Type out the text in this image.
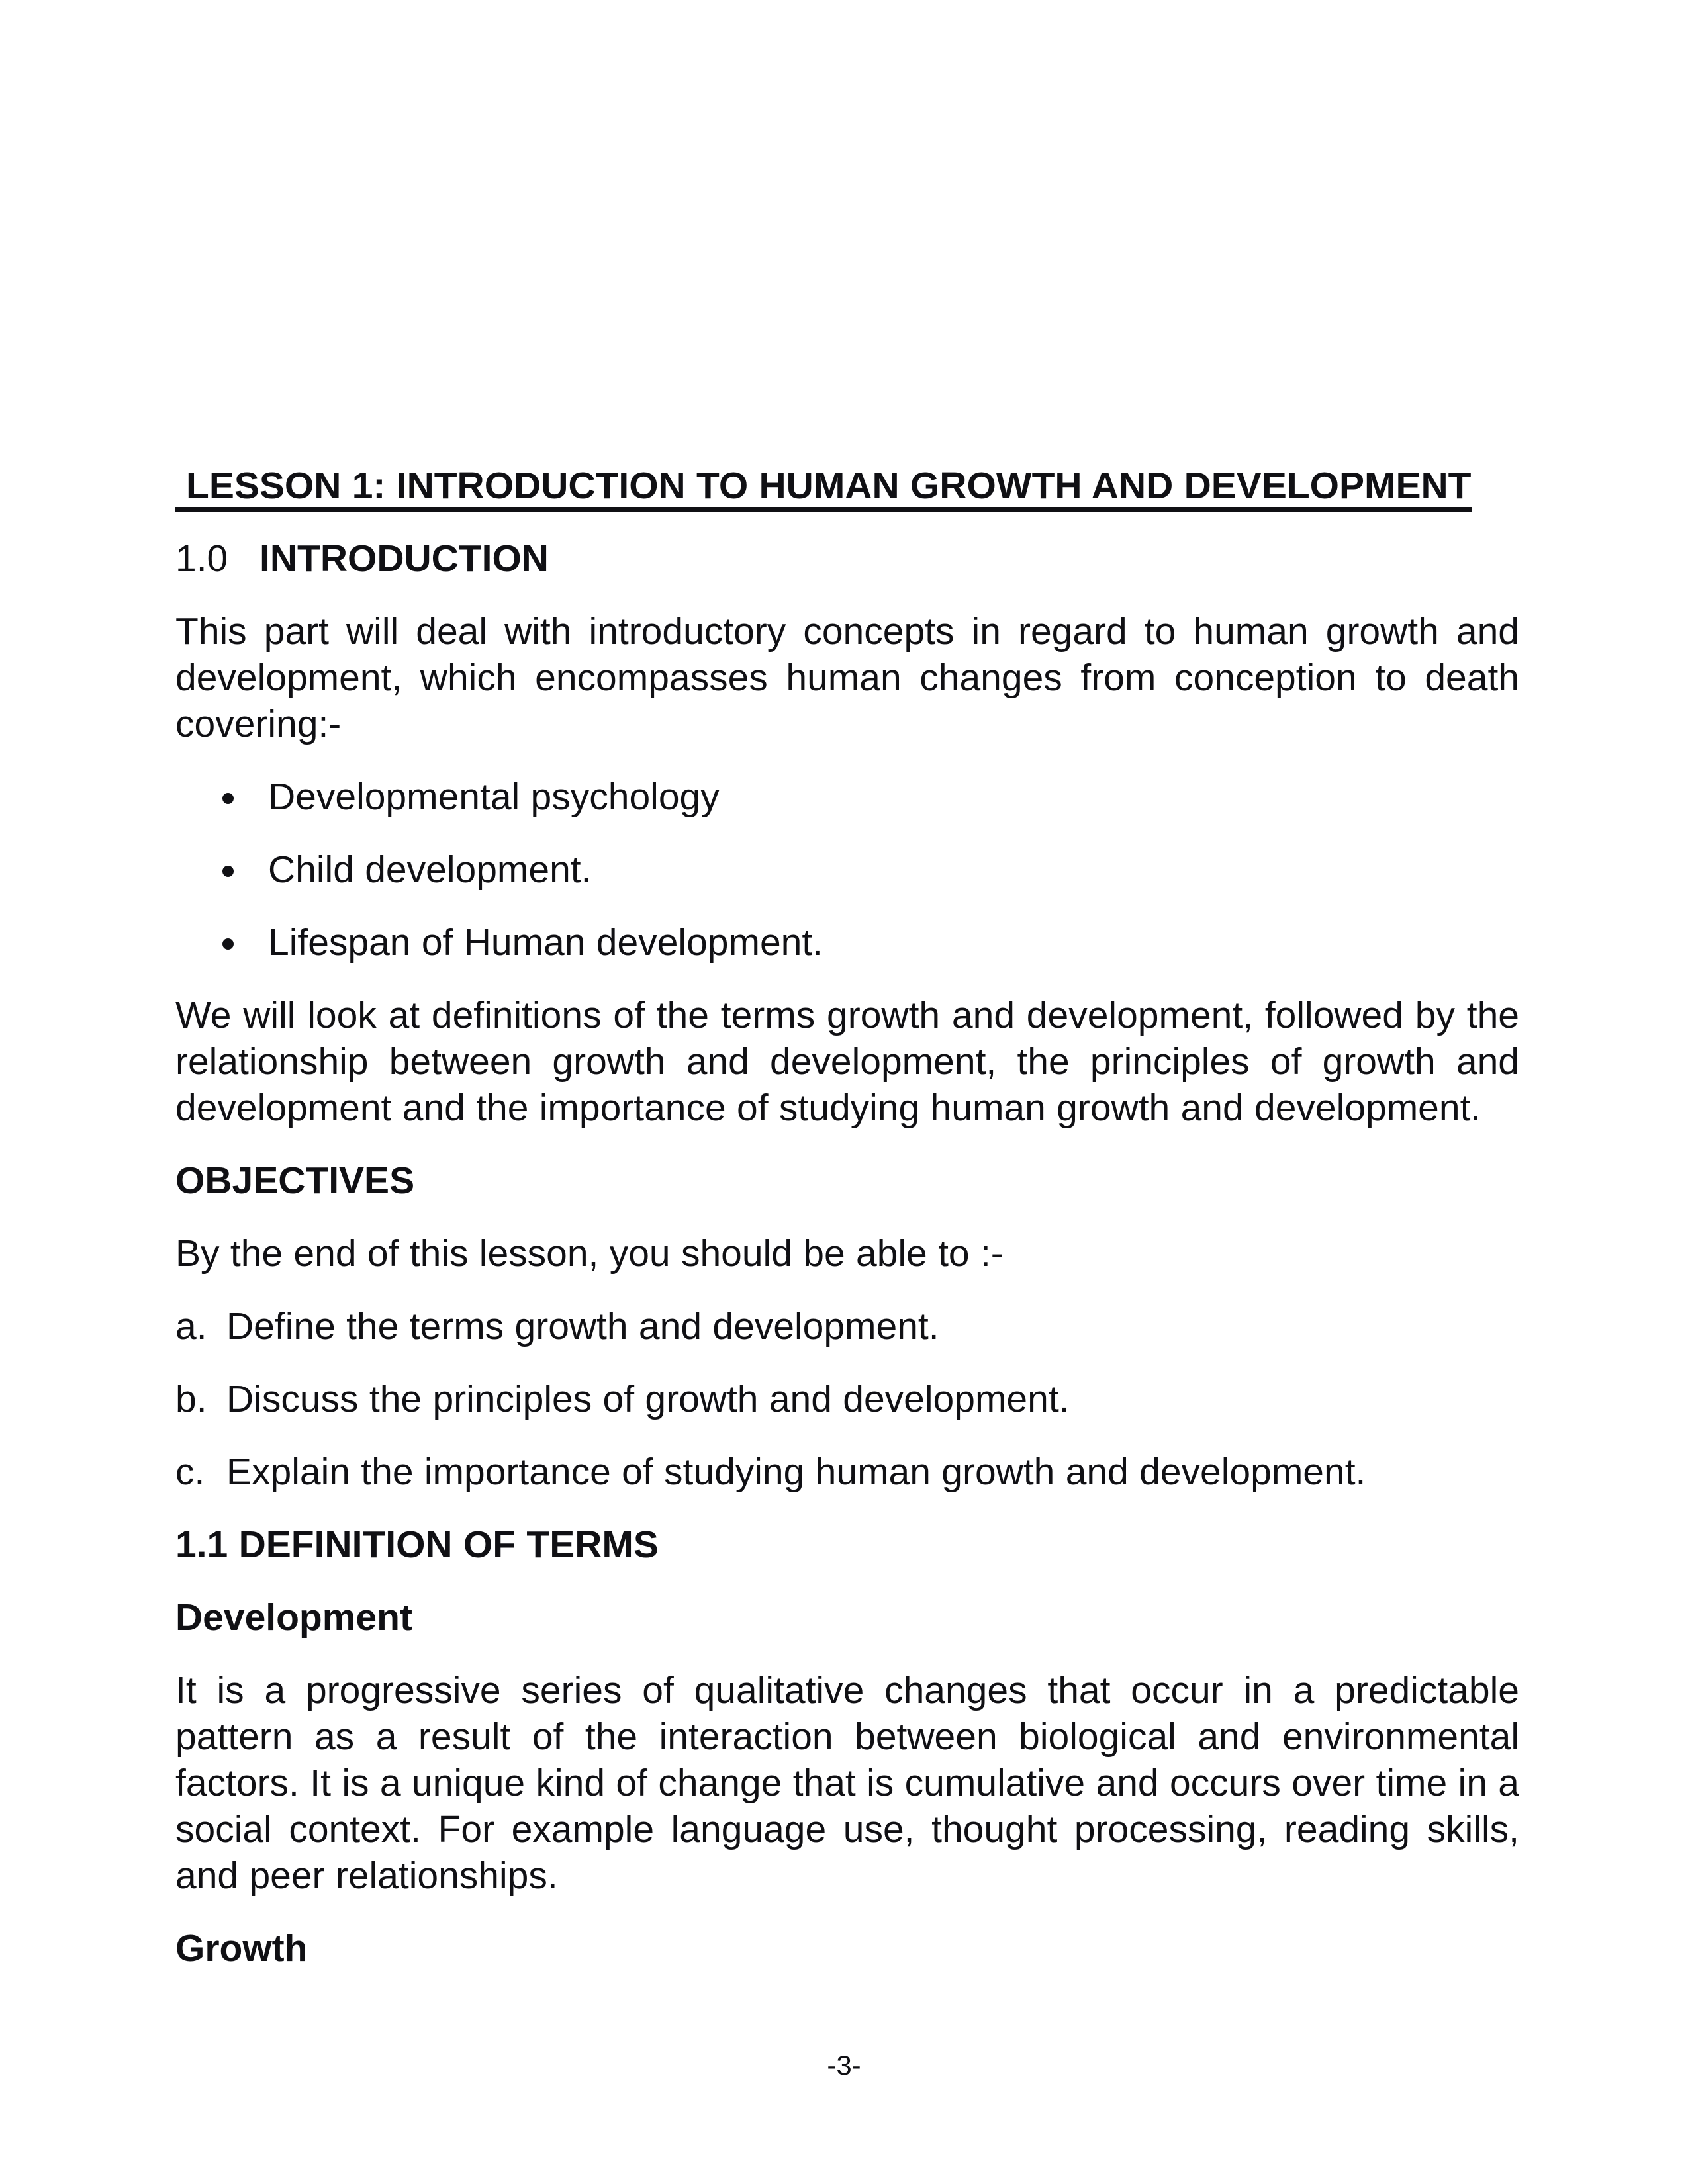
LESSON 1: INTRODUCTION TO HUMAN GROWTH AND DEVELOPMENT
1.0 INTRODUCTION

This part will deal with introductory concepts in regard to human growth and development, which encompasses human changes from conception to death covering:-

Developmental psychology
Child development.
Lifespan of Human development.

We will look at definitions of the terms growth and development, followed by the relationship between growth and development, the principles of growth and development and the importance of studying human growth and development.

OBJECTIVES

By the end of this lesson, you should be able to :-

a. Define the terms growth and development.
b. Discuss the principles of growth and development.
c. Explain the importance of studying human growth and development.
1.1 DEFINITION OF TERMS
Development

It is a progressive series of qualitative changes that occur in a predictable pattern as a result of the interaction between biological and environmental factors. It is a unique kind of change that is cumulative and occurs over time in a social context. For example language use, thought processing, reading skills, and peer relationships.

Growth
-3-
